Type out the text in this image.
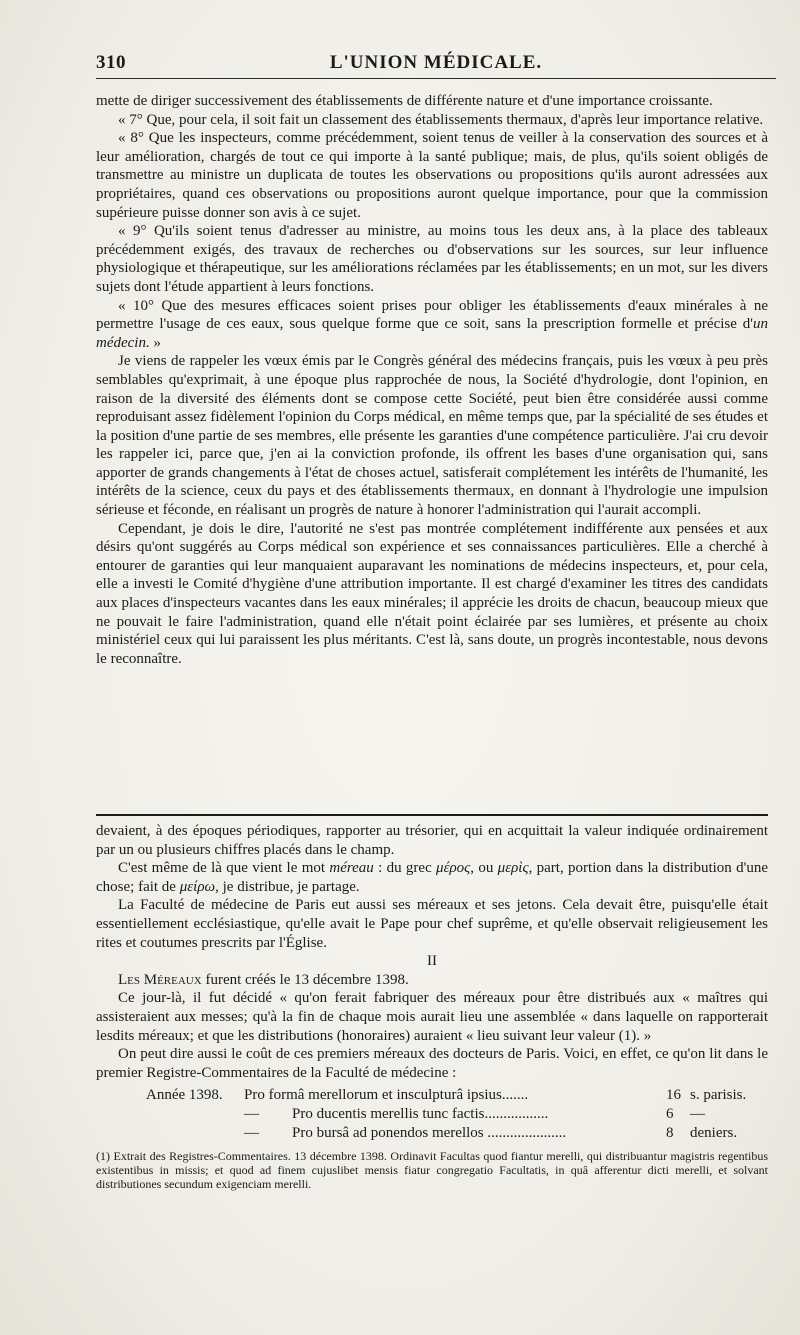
310	L'UNION MÉDICALE.

mette de diriger successivement des établissements de différente nature et d'une importance croissante.

« 7° Que, pour cela, il soit fait un classement des établissements thermaux, d'après leur importance relative.

« 8° Que les inspecteurs, comme précédemment, soient tenus de veiller à la conservation des sources et à leur amélioration, chargés de tout ce qui importe à la santé publique; mais, de plus, qu'ils soient obligés de transmettre au ministre un duplicata de toutes les observations ou propositions qu'ils auront adressées aux propriétaires, quand ces observations ou propositions auront quelque importance, pour que la commission supérieure puisse donner son avis à ce sujet.

« 9° Qu'ils soient tenus d'adresser au ministre, au moins tous les deux ans, à la place des tableaux précédemment exigés, des travaux de recherches ou d'observations sur les sources, sur leur influence physiologique et thérapeutique, sur les améliorations réclamées par les établissements; en un mot, sur les divers sujets dont l'étude appartient à leurs fonctions.

« 10° Que des mesures efficaces soient prises pour obliger les établissements d'eaux minérales à ne permettre l'usage de ces eaux, sous quelque forme que ce soit, sans la prescription formelle et précise d'un médecin. »

Je viens de rappeler les vœux émis par le Congrès général des médecins français, puis les vœux à peu près semblables qu'exprimait, à une époque plus rapprochée de nous, la Société d'hydrologie, dont l'opinion, en raison de la diversité des éléments dont se compose cette Société, peut bien être considérée aussi comme reproduisant assez fidèlement l'opinion du Corps médical, en même temps que, par la spécialité de ses études et la position d'une partie de ses membres, elle présente les garanties d'une compétence particulière. J'ai cru devoir les rappeler ici, parce que, j'en ai la conviction profonde, ils offrent les bases d'une organisation qui, sans apporter de grands changements à l'état de choses actuel, satisferait complétement les intérêts de l'humanité, les intérêts de la science, ceux du pays et des établissements thermaux, en donnant à l'hydrologie une impulsion sérieuse et féconde, en réalisant un progrès de nature à honorer l'administration qui l'aurait accompli.

Cependant, je dois le dire, l'autorité ne s'est pas montrée complétement indifférente aux pensées et aux désirs qu'ont suggérés au Corps médical son expérience et ses connaissances particulières. Elle a cherché à entourer de garanties qui leur manquaient auparavant les nominations de médecins inspecteurs, et, pour cela, elle a investi le Comité d'hygiène d'une attribution importante. Il est chargé d'examiner les titres des candidats aux places d'inspecteurs vacantes dans les eaux minérales; il apprécie les droits de chacun, beaucoup mieux que ne pouvait le faire l'administration, quand elle n'était point éclairée par ses lumières, et présente au choix ministériel ceux qui lui paraissent les plus méritants. C'est là, sans doute, un progrès incontestable, nous devons le reconnaître.

devaient, à des époques périodiques, rapporter au trésorier, qui en acquittait la valeur indiquée ordinairement par un ou plusieurs chiffres placés dans le champ.

C'est même de là que vient le mot méreau : du grec μέρος, ou μερὶς, part, portion dans la distribution d'une chose; fait de μείρω, je distribue, je partage.

La Faculté de médecine de Paris eut aussi ses méreaux et ses jetons. Cela devait être, puisqu'elle était essentiellement ecclésiastique, qu'elle avait le Pape pour chef suprême, et qu'elle observait religieusement les rites et coutumes prescrits par l'Église.

II

Les Méreaux furent créés le 13 décembre 1398.

Ce jour-là, il fut décidé « qu'on ferait fabriquer des méreaux pour être distribués aux « maîtres qui assisteraient aux messes; qu'à la fin de chaque mois aurait lieu une assemblée « dans laquelle on rapporterait lesdits méreaux; et que les distributions (honoraires) auraient « lieu suivant leur valeur (1). »

On peut dire aussi le coût de ces premiers méreaux des docteurs de Paris. Voici, en effet, ce qu'on lit dans le premier Registre-Commentaires de la Faculté de médecine :

Année 1398.	Pro formâ merellorum et insculpturâ ipsius.......	16 s. parisis.
—	Pro ducentis merellis tunc factis.................	6	—
—	Pro bursâ ad ponendos merellos .....................	8	deniers.

(1) Extrait des Registres-Commentaires. 13 décembre 1398. Ordinavit Facultas quod fiantur merelli, qui distribuantur magistris regentibus existentibus in missis; et quod ad finem cujuslibet mensis fiatur congregatio Facultatis, in quâ afferentur dicti merelli, et solvant distributiones secundum exigenciam merelli.
